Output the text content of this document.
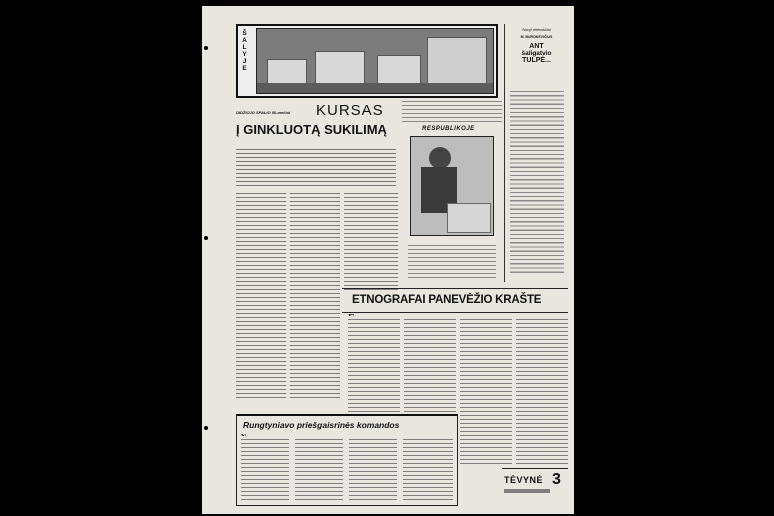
ŠALYJE
Naujì eilėraščiai
M. BUROKEVIČIUS
ANT
šaligatvio
TULPĖ...
DIDŽIOJO SPALIO 50-mečiui KURSAS
Į GINKLUOTĄ SUKILIMĄ	RESPUBLIKOJE
ETNOGRAFAI PANEVĖŽIO KRAŠTE
Rungtyniavo priešgaisrinės komandos
TĖVYNĖ 3
